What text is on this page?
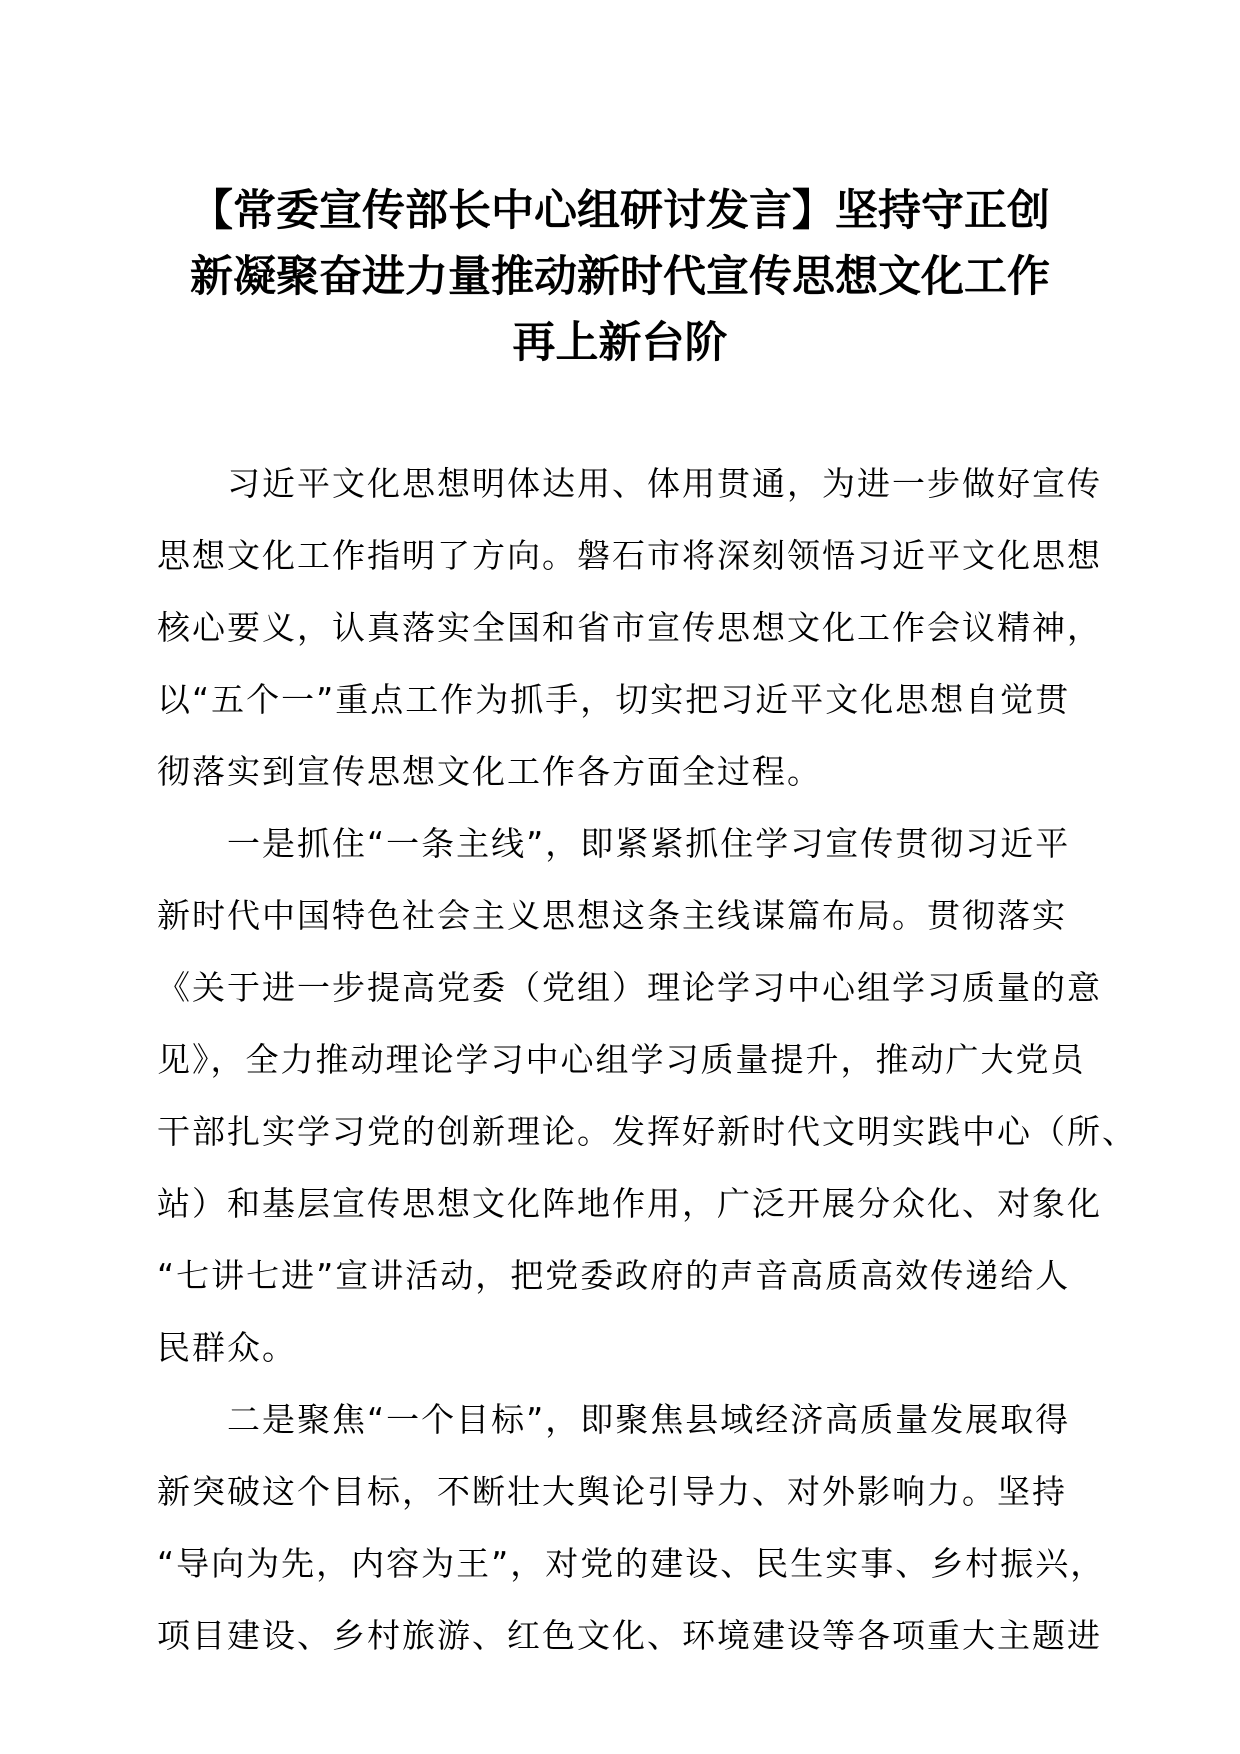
【常委宣传部长中心组研讨发言】坚持守正创
新凝聚奋进力量推动新时代宣传思想文化工作
再上新台阶
习近平文化思想明体达用、体用贯通，为进一步做好宣传
思想文化工作指明了方向。磐石市将深刻领悟习近平文化思想
核心要义，认真落实全国和省市宣传思想文化工作会议精神，
以“五个一”重点工作为抓手，切实把习近平文化思想自觉贯
彻落实到宣传思想文化工作各方面全过程。
一是抓住“一条主线”，即紧紧抓住学习宣传贯彻习近平
新时代中国特色社会主义思想这条主线谋篇布局。贯彻落实
《关于进一步提高党委（党组）理论学习中心组学习质量的意
见》，全力推动理论学习中心组学习质量提升，推动广大党员
干部扎实学习党的创新理论。发挥好新时代文明实践中心（所、
站）和基层宣传思想文化阵地作用，广泛开展分众化、对象化
“七讲七进”宣讲活动，把党委政府的声音高质高效传递给人
民群众。
二是聚焦“一个目标”，即聚焦县域经济高质量发展取得
新突破这个目标，不断壮大舆论引导力、对外影响力。坚持
“导向为先，内容为王”，对党的建设、民生实事、乡村振兴，
项目建设、乡村旅游、红色文化、环境建设等各项重大主题进
